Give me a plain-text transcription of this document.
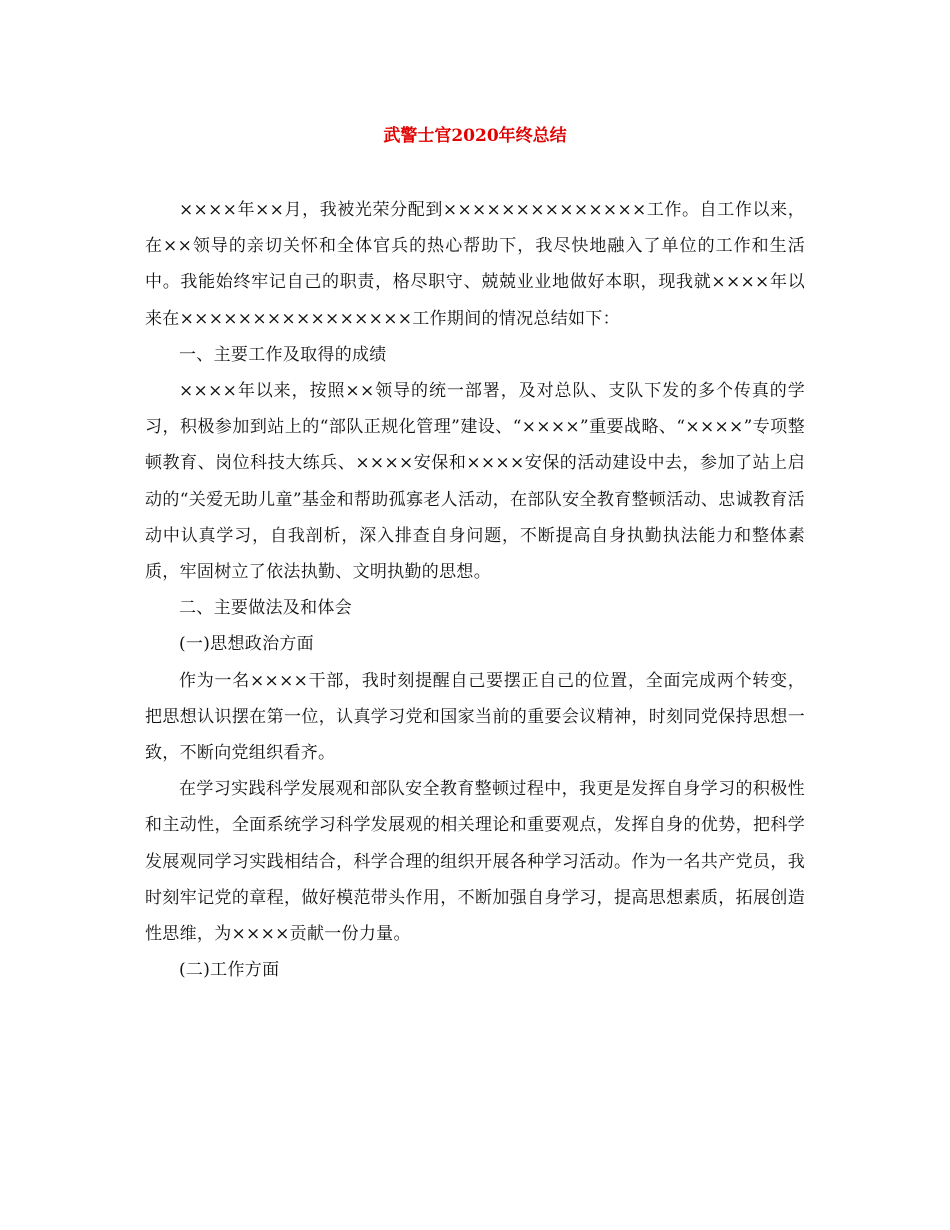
武警士官2020年终总结

××××年××月，我被光荣分配到××××××××××××××工作。自工作以来，在××领导的亲切关怀和全体官兵的热心帮助下，我尽快地融入了单位的工作和生活中。我能始终牢记自己的职责，格尽职守、兢兢业业地做好本职，现我就××××年以来在××××××××××××××××工作期间的情况总结如下：

一、主要工作及取得的成绩

××××年以来，按照××领导的统一部署，及对总队、支队下发的多个传真的学习，积极参加到站上的“部队正规化管理”建设、“××××”重要战略、“××××”专项整顿教育、岗位科技大练兵、××××安保和××××安保的活动建设中去，参加了站上启动的“关爱无助儿童”基金和帮助孤寡老人活动，在部队安全教育整顿活动、忠诚教育活动中认真学习，自我剖析，深入排查自身问题，不断提高自身执勤执法能力和整体素质，牢固树立了依法执勤、文明执勤的思想。

二、主要做法及和体会

(一)思想政治方面

作为一名××××干部，我时刻提醒自己要摆正自己的位置，全面完成两个转变，把思想认识摆在第一位，认真学习党和国家当前的重要会议精神，时刻同党保持思想一致，不断向党组织看齐。

在学习实践科学发展观和部队安全教育整顿过程中，我更是发挥自身学习的积极性和主动性，全面系统学习科学发展观的相关理论和重要观点，发挥自身的优势，把科学发展观同学习实践相结合，科学合理的组织开展各种学习活动。作为一名共产党员，我时刻牢记党的章程，做好模范带头作用，不断加强自身学习，提高思想素质，拓展创造性思维，为××××贡献一份力量。

(二)工作方面
